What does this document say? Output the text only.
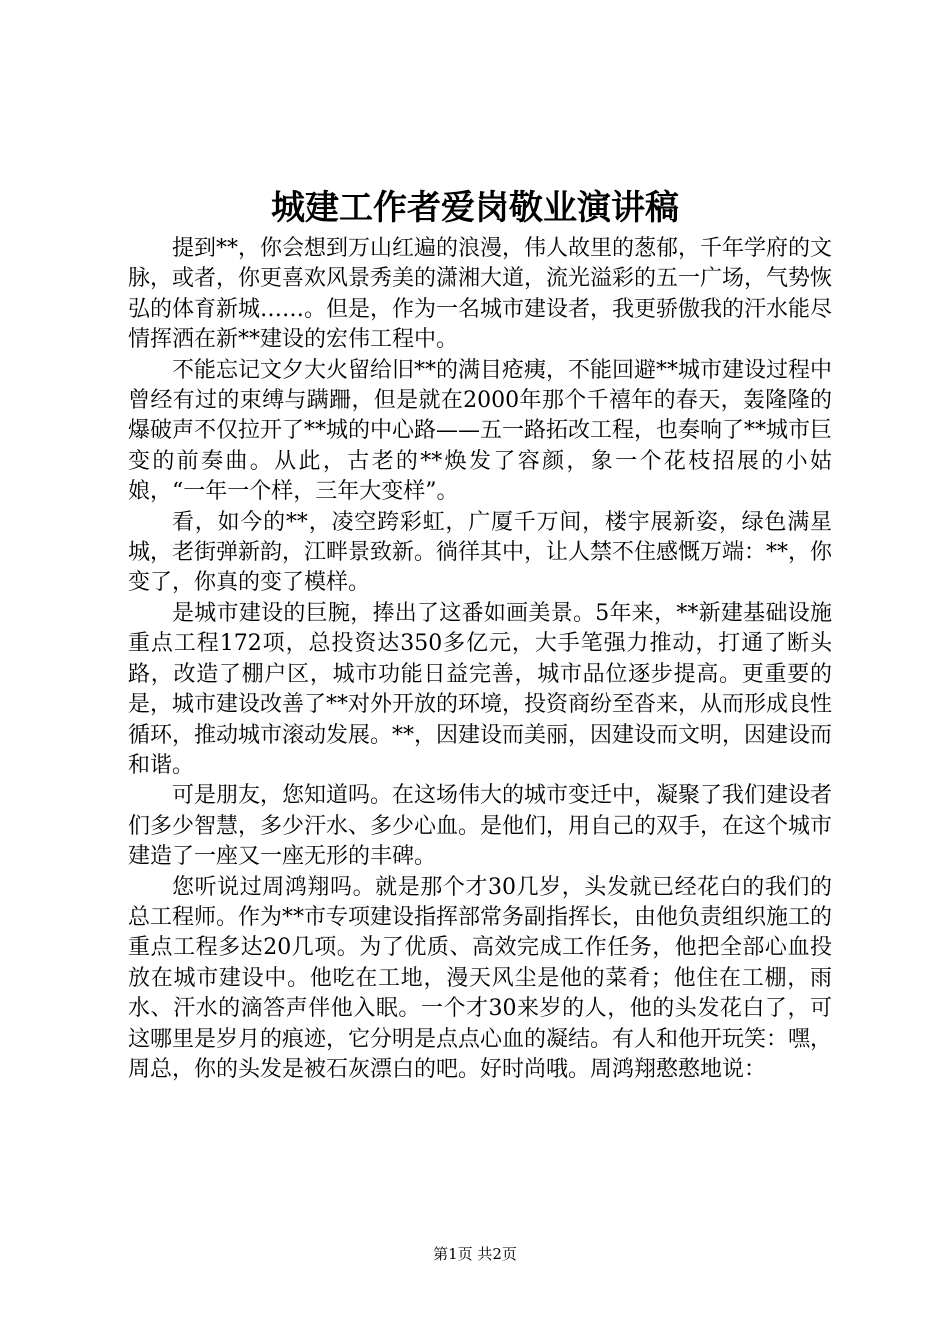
城建工作者爱岗敬业演讲稿

提到**，你会想到万山红遍的浪漫，伟人故里的葱郁，千年学府的文脉，或者，你更喜欢风景秀美的潇湘大道，流光溢彩的五一广场，气势恢弘的体育新城……。但是，作为一名城市建设者，我更骄傲我的汗水能尽情挥洒在新**建设的宏伟工程中。

不能忘记文夕大火留给旧**的满目疮痍，不能回避**城市建设过程中曾经有过的束缚与蹒跚，但是就在2000年那个千禧年的春天，轰隆隆的爆破声不仅拉开了**城的中心路——五一路拓改工程，也奏响了**城市巨变的前奏曲。从此，古老的**焕发了容颜，象一个花枝招展的小姑娘，“一年一个样，三年大变样”。

看，如今的**，凌空跨彩虹，广厦千万间，楼宇展新姿，绿色满星城，老街弹新韵，江畔景致新。徜徉其中，让人禁不住感慨万端：**，你变了，你真的变了模样。

是城市建设的巨腕，捧出了这番如画美景。5年来，**新建基础设施重点工程172项，总投资达350多亿元，大手笔强力推动，打通了断头路，改造了棚户区，城市功能日益完善，城市品位逐步提高。更重要的是，城市建设改善了**对外开放的环境，投资商纷至沓来，从而形成良性循环，推动城市滚动发展。**，因建设而美丽，因建设而文明，因建设而和谐。

可是朋友，您知道吗。在这场伟大的城市变迁中，凝聚了我们建设者们多少智慧，多少汗水、多少心血。是他们，用自己的双手，在这个城市建造了一座又一座无形的丰碑。

您听说过周鸿翔吗。就是那个才30几岁，头发就已经花白的我们的总工程师。作为**市专项建设指挥部常务副指挥长，由他负责组织施工的重点工程多达20几项。为了优质、高效完成工作任务，他把全部心血投放在城市建设中。他吃在工地，漫天风尘是他的菜肴；他住在工棚，雨水、汗水的滴答声伴他入眠。一个才30来岁的人，他的头发花白了，可这哪里是岁月的痕迹，它分明是点点心血的凝结。有人和他开玩笑：嘿，周总，你的头发是被石灰漂白的吧。好时尚哦。周鸿翔憨憨地说：

第1页 共2页
